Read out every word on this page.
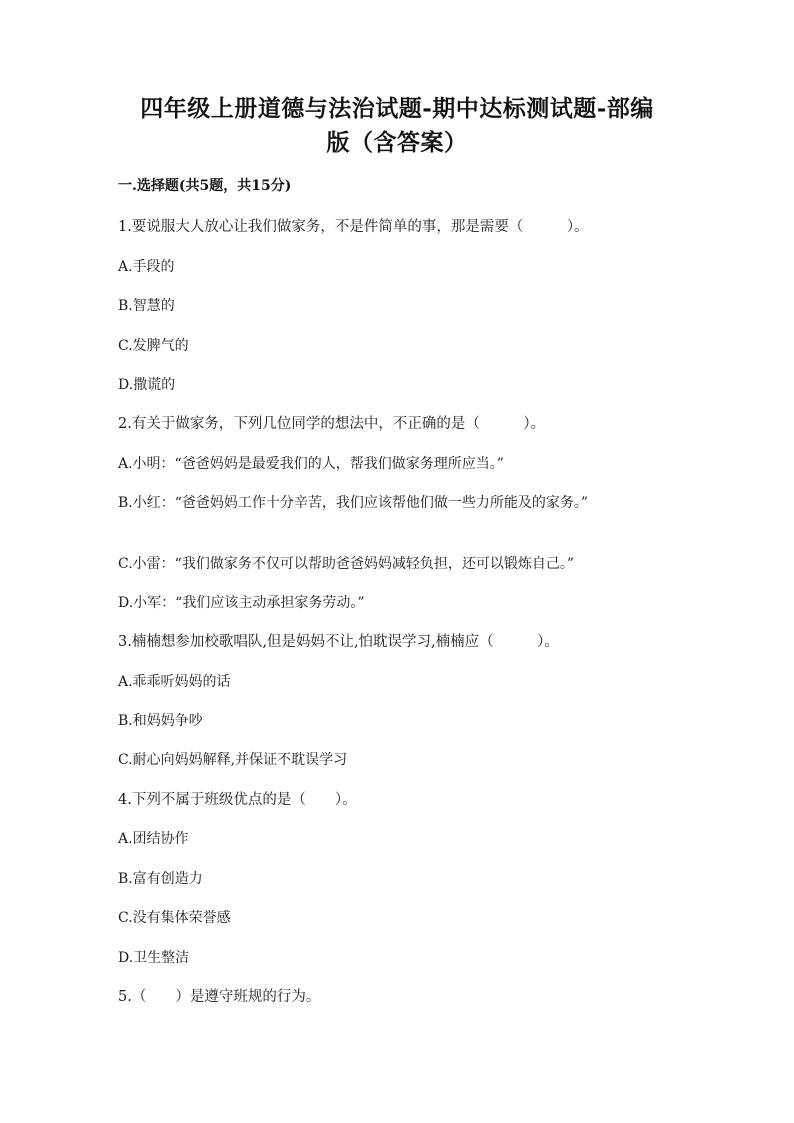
四年级上册道德与法治试题-期中达标测试题-部编
版（含答案）
一.选择题(共5题，共15分)
1.要说服大人放心让我们做家务，不是件简单的事，那是需要（　　　）。
A.手段的
B.智慧的
C.发脾气的
D.撒谎的
2.有关于做家务，下列几位同学的想法中，不正确的是（　　　）。
A.小明：“爸爸妈妈是最爱我们的人，帮我们做家务理所应当。”
B.小红：“爸爸妈妈工作十分辛苦，我们应该帮他们做一些力所能及的家务。”
C.小雷：“我们做家务不仅可以帮助爸爸妈妈减轻负担，还可以锻炼自己。”
D.小军：“我们应该主动承担家务劳动。”
3.楠楠想参加校歌唱队,但是妈妈不让,怕耽误学习,楠楠应（　　　）。
A.乖乖听妈妈的话
B.和妈妈争吵
C.耐心向妈妈解释,并保证不耽误学习
4.下列不属于班级优点的是（　　）。
A.团结协作
B.富有创造力
C.没有集体荣誉感
D.卫生整洁
5.（　　）是遵守班规的行为。
